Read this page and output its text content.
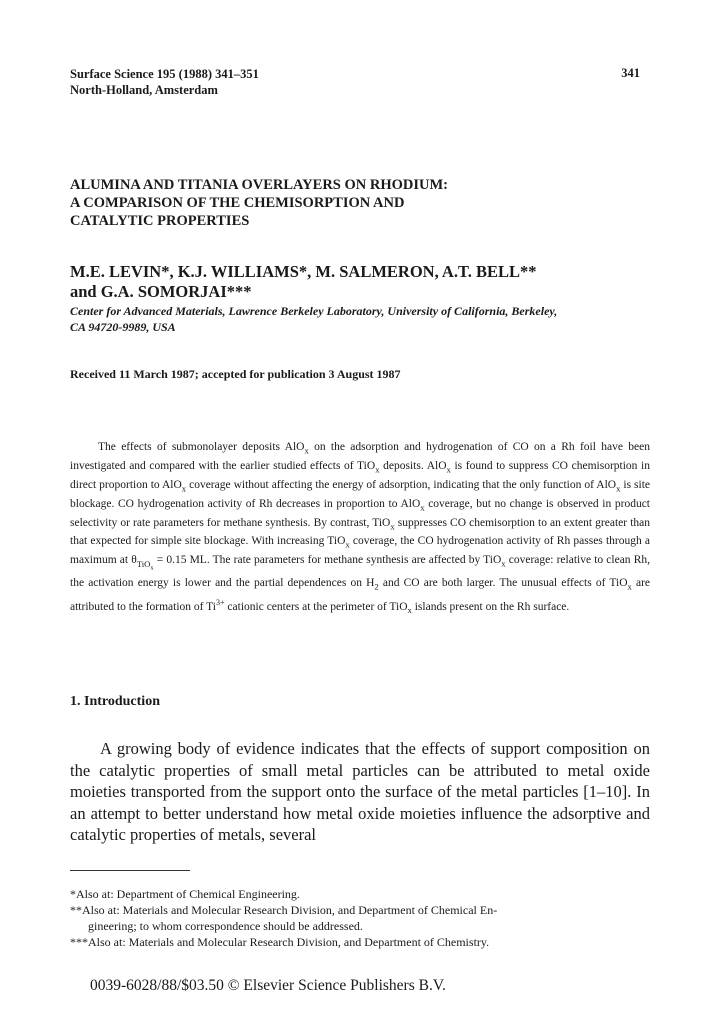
Surface Science 195 (1988) 341–351
North-Holland, Amsterdam
341
ALUMINA AND TITANIA OVERLAYERS ON RHODIUM:
A COMPARISON OF THE CHEMISORPTION AND
CATALYTIC PROPERTIES
M.E. LEVIN*, K.J. WILLIAMS*, M. SALMERON, A.T. BELL**
and G.A. SOMORJAI***
Center for Advanced Materials, Lawrence Berkeley Laboratory, University of California, Berkeley,
CA 94720-9989, USA
Received 11 March 1987; accepted for publication 3 August 1987
The effects of submonolayer deposits AlO$_x$ on the adsorption and hydrogenation of CO on a Rh foil have been investigated and compared with the earlier studied effects of TiO$_x$ deposits. AlO$_x$ is found to suppress CO chemisorption in direct proportion to AlO$_x$ coverage without affecting the energy of adsorption, indicating that the only function of AlO$_x$ is site blockage. CO hydrogenation activity of Rh decreases in proportion to AlO$_x$ coverage, but no change is observed in product selectivity or rate parameters for methane synthesis. By contrast, TiO$_x$ suppresses CO chemisorption to an extent greater than that expected for simple site blockage. With increasing TiO$_x$ coverage, the CO hydrogenation activity of Rh passes through a maximum at $\theta_{TiO_x} = 0.15$ ML. The rate parameters for methane synthesis are affected by TiO$_x$ coverage: relative to clean Rh, the activation energy is lower and the partial dependences on $H_2$ and CO are both larger. The unusual effects of TiO$_x$ are attributed to the formation of $Ti^{3+}$ cationic centers at the perimeter of TiO$_x$ islands present on the Rh surface.
1. Introduction
A growing body of evidence indicates that the effects of support composition on the catalytic properties of small metal particles can be attributed to metal oxide moieties transported from the support onto the surface of the metal particles [1–10]. In an attempt to better understand how metal oxide moieties influence the adsorptive and catalytic properties of metals, several

*Also at: Department of Chemical Engineering.

**Also at: Materials and Molecular Research Division, and Department of Chemical En-

gineering; to whom correspondence should be addressed.

***Also at: Materials and Molecular Research Division, and Department of Chemistry.

0039-6028/88/$03.50 © Elsevier Science Publishers B.V.
